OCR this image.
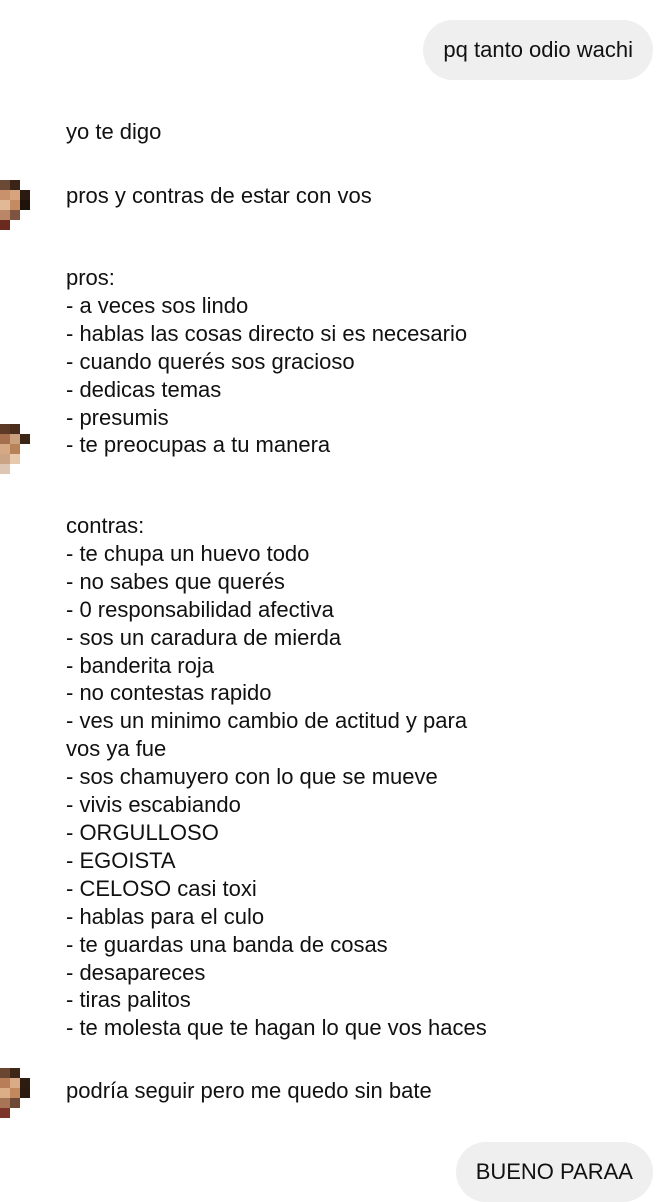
pq tanto odio wachi

yo te digo

pros y contras de estar con vos

pros:
- a veces sos lindo
- hablas las cosas directo si es necesario
- cuando querés sos gracioso
- dedicas temas
- presumis
- te preocupas a tu manera
contras:
- te chupa un huevo todo
- no sabes que querés
- 0 responsabilidad afectiva
- sos un caradura de mierda
- banderita roja
- no contestas rapido
- ves un minimo cambio de actitud y para
vos ya fue
- sos chamuyero con lo que se mueve
- vivis escabiando
- ORGULLOSO
- EGOISTA
- CELOSO casi toxi
- hablas para el culo
- te guardas una banda de cosas
- desapareces
- tiras palitos
- te molesta que te hagan lo que vos haces

podría seguir pero me quedo sin bate

BUENO PARAA
